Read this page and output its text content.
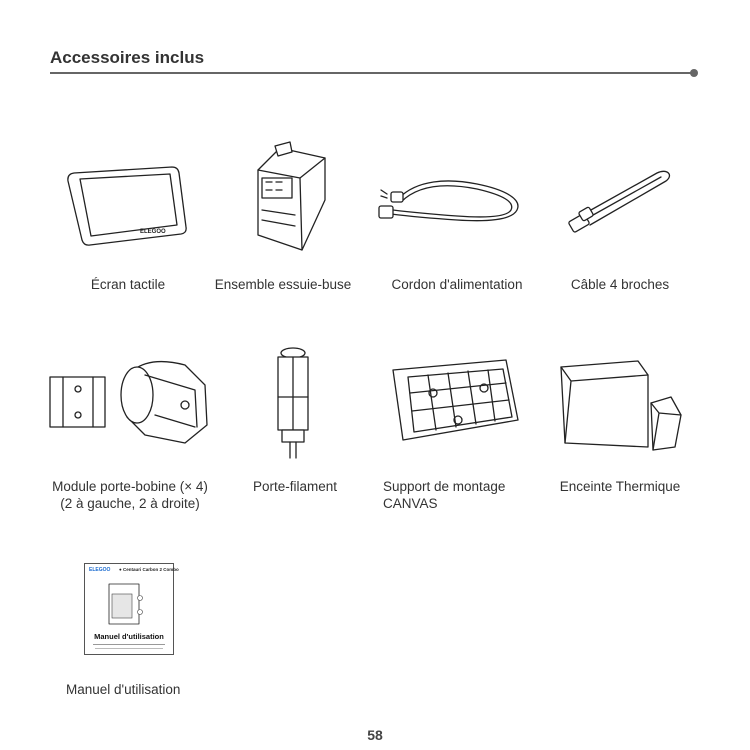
Accessoires inclus
ELEGOO
Écran tactile	Ensemble essuie-buse	Cordon d'alimentation	Câble 4 broches
Module porte-bobine (× 4)
(2 à gauche, 2 à droite)
Porte-filament	Support de montage
CANVAS
Enceinte Thermique
ELEGOO ● Centauri Carbon 2 Combo
Manuel d'utilisation
Manuel d'utilisation
58
